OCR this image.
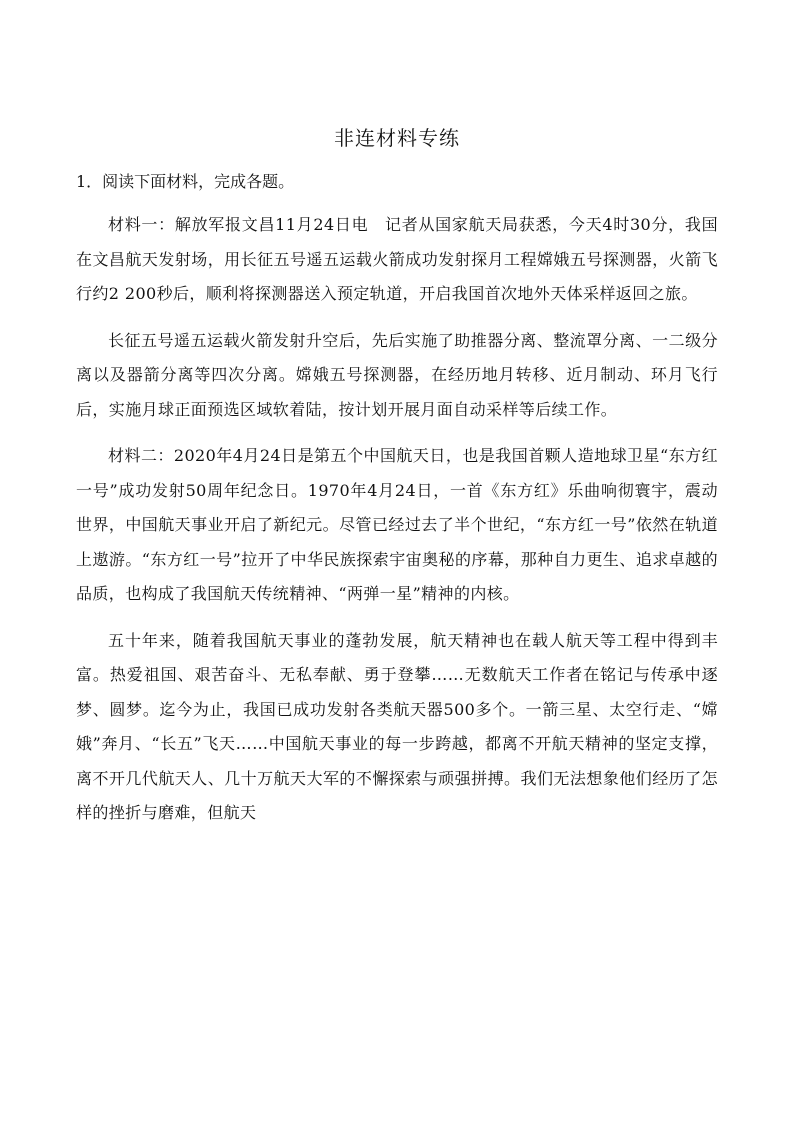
非连材料专练
1．阅读下面材料，完成各题。

材料一：解放军报文昌11月24日电　记者从国家航天局获悉，今天4时30分，我国在文昌航天发射场，用长征五号遥五运载火箭成功发射探月工程嫦娥五号探测器，火箭飞行约2 200秒后，顺利将探测器送入预定轨道，开启我国首次地外天体采样返回之旅。

长征五号遥五运载火箭发射升空后，先后实施了助推器分离、整流罩分离、一二级分离以及器箭分离等四次分离。嫦娥五号探测器，在经历地月转移、近月制动、环月飞行后，实施月球正面预选区域软着陆，按计划开展月面自动采样等后续工作。

材料二：2020年4月24日是第五个中国航天日，也是我国首颗人造地球卫星“东方红一号”成功发射50周年纪念日。1970年4月24日，一首《东方红》乐曲响彻寰宇，震动世界，中国航天事业开启了新纪元。尽管已经过去了半个世纪，“东方红一号”依然在轨道上遨游。“东方红一号”拉开了中华民族探索宇宙奥秘的序幕，那种自力更生、追求卓越的品质，也构成了我国航天传统精神、“两弹一星”精神的内核。

五十年来，随着我国航天事业的蓬勃发展，航天精神也在载人航天等工程中得到丰富。热爱祖国、艰苦奋斗、无私奉献、勇于登攀……无数航天工作者在铭记与传承中逐梦、圆梦。迄今为止，我国已成功发射各类航天器500多个。一箭三星、太空行走、“嫦娥”奔月、“长五”飞天……中国航天事业的每一步跨越，都离不开航天精神的坚定支撑，离不开几代航天人、几十万航天大军的不懈探索与顽强拼搏。我们无法想象他们经历了怎样的挫折与磨难，但航天
